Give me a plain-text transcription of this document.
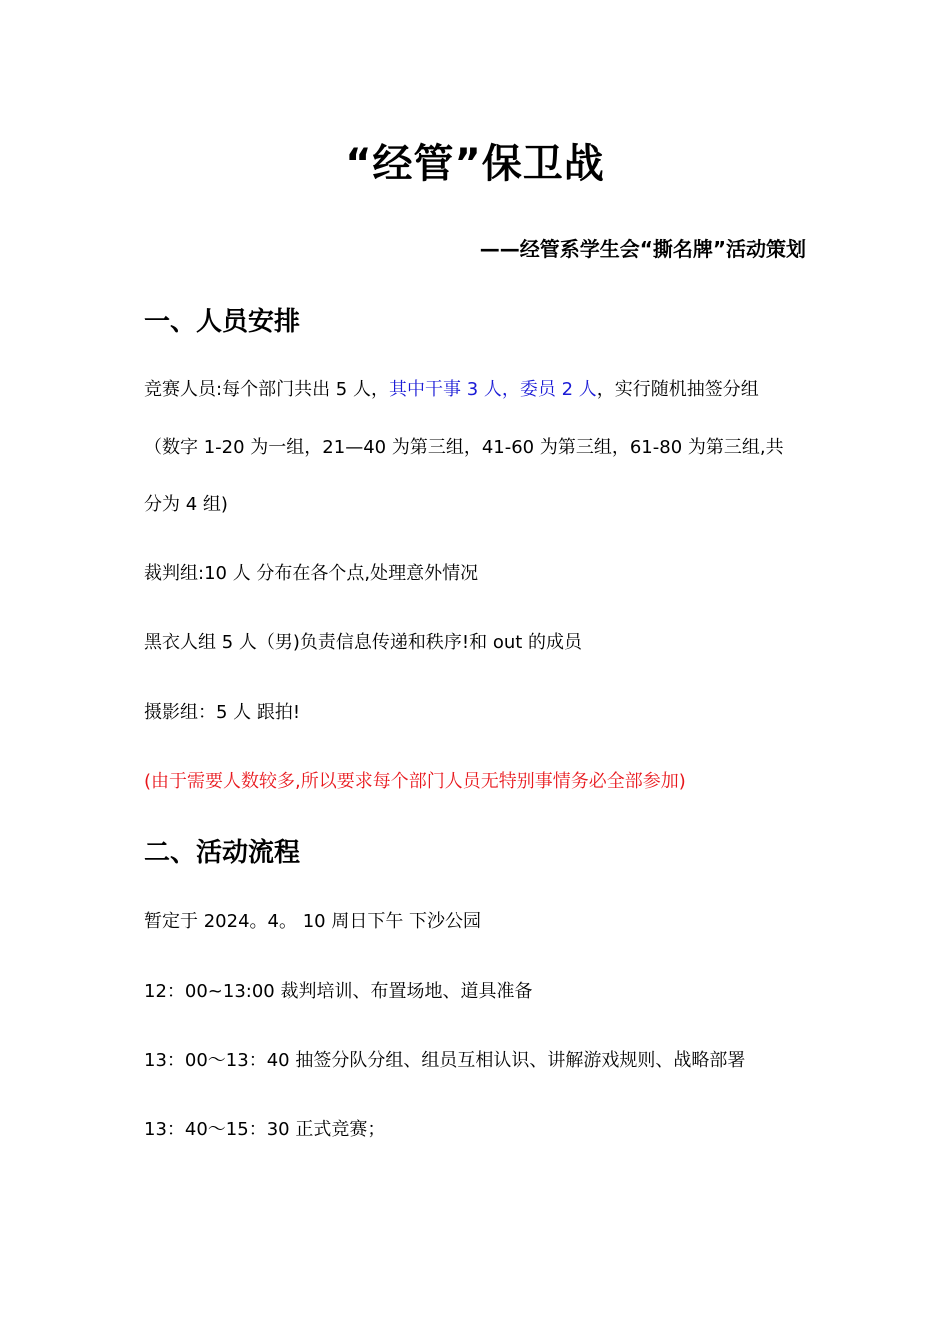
“经管”保卫战
——经管系学生会“撕名牌”活动策划
一、人员安排
竞赛人员:每个部门共出 5 人，其中干事 3 人，委员 2 人，实行随机抽签分组
（数字 1-20 为一组，21—40 为第三组，41-60 为第三组，61-80 为第三组,共
分为 4 组)
裁判组:10 人 分布在各个点,处理意外情况
黑衣人组 5 人（男)负责信息传递和秩序!和 out 的成员
摄影组：5 人 跟拍!
(由于需要人数较多,所以要求每个部门人员无特别事情务必全部参加)
二、活动流程
暂定于 2024。4。 10 周日下午 下沙公园
12：00~13:00 裁判培训、布置场地、道具准备
13：00～13：40 抽签分队分组、组员互相认识、讲解游戏规则、战略部署
13：40～15：30 正式竞赛；
